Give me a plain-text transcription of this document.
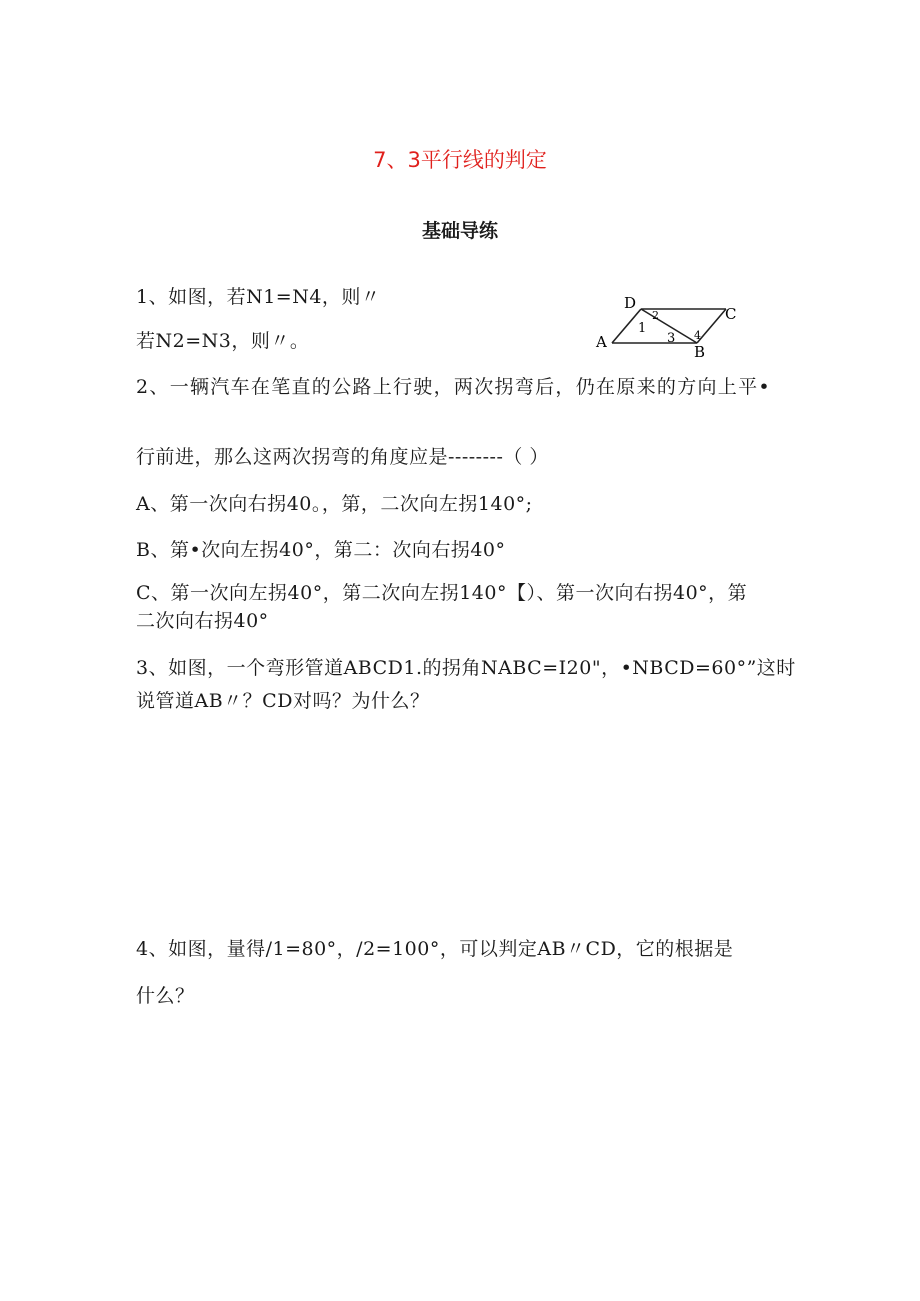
7、3平行线的判定
基础导练
1、如图，若N1=N4，则〃
若N2=N3，则〃。
2、一辆汽车在笔直的公路上行驶，两次拐弯后，仍在原来的方向上平•
行前进，那么这两次拐弯的角度应是--------（ ）
A、第一次向右拐40。，第，二次向左拐140°;
B、第•次向左拐40°，第二：次向右拐40°
C、第一次向左拐40°，第二次向左拐140°【）、第一次向右拐40°，第
二次向右拐40°
3、如图，一个弯形管道ABCD1.的拐角NABC=I20"，•NBCD=60°”这时
说管道AB〃？CD对吗？为什么？
4、如图，量得/1=80°，/2=100°，可以判定AB〃CD，它的根据是
什么？
D
C
A
B
1
2
3 4
